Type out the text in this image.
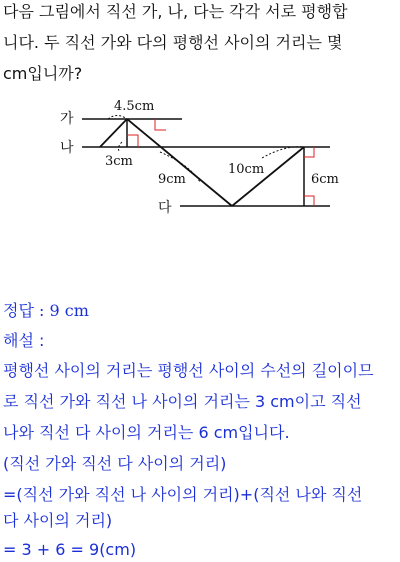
다음 그림에서 직선 가, 나, 다는 각각 서로 평행합
니다. 두 직선 가와 다의 평행선 사이의 거리는 몇
cm입니까?
가
나
다
4.5cm
3cm
9cm
10cm
6cm
정답 : 9 cm
해설 :
평행선 사이의 거리는 평행선 사이의 수선의 길이이므
로 직선 가와 직선 나 사이의 거리는 3 cm이고 직선
나와 직선 다 사이의 거리는 6 cm입니다.
(직선 가와 직선 다 사이의 거리)
=(직선 가와 직선 나 사이의 거리)+(직선 나와 직선
다 사이의 거리)
= 3 + 6 = 9(cm)
